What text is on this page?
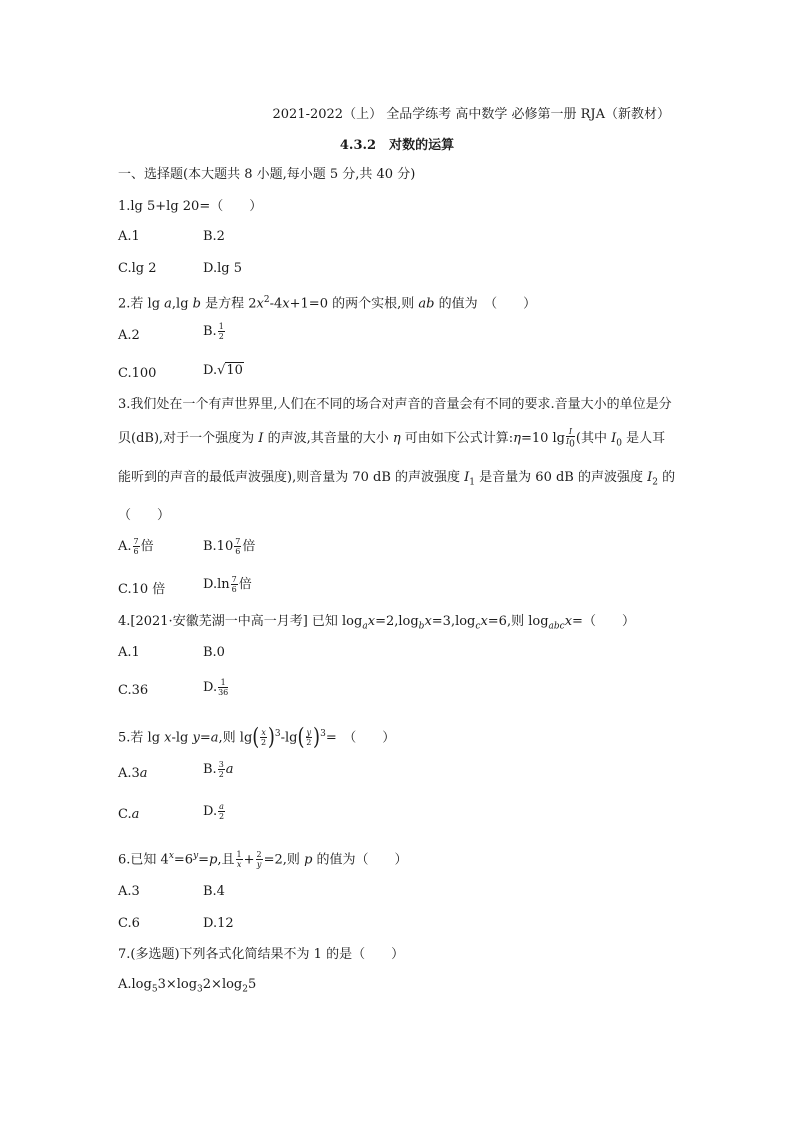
2021-2022（上） 全品学练考 高中数学 必修第一册 RJA（新教材）
4.3.2　对数的运算
一、选择题(本大题共 8 小题,每小题 5 分,共 40 分)
1.lg 5+lg 20=（　　）
A.1	B.2
C.lg 2	D.lg 5
2.若 lg a,lg b 是方程 $2x^2-4x+1=0$ 的两个实根,则 ab 的值为　（　　）
A.2	B. $\frac{1}{2}$
C.100	D.√10
3.我们处在一个有声世界里,人们在不同的场合对声音的音量会有不同的要求.音量大小的单位是分贝(dB),对于一个强度为 I 的声波,其音量的大小 η 可由如下公式计算:η=10 $\lg \frac{I}{I_0}$ (其中 $I_0$ 是人耳能听到的声音的最低声波强度),则音量为 70 dB 的声波强度 $I_1$ 是音量为 60 dB 的声波强度 $I_2$ 的　（　　）
A. $\frac{7}{6}$ 倍	$B.10 \frac{7}{6}$ 倍
C.10 倍	$D.\ln \frac{7}{6}$ 倍
4.[2021·安徽芜湖一中高一月考] 已知 $\log_ax=2,\log_bx=3,\log_cx=6$,则 $\log_{abc}x=$（　　）
A.1	B.0
C.36	D. $\frac{1}{36}$
5.若 lg x-lg y=a,则 $\lg( \frac{x}{2} )^3-\lg( \frac{y}{2} )^3=$　（　　）
A.3a	B. $\frac{3}{2}$ a
C.a	D. $\frac{a}{2}$
6.已知 $4^x=6^y=p$,且 $\frac{1}{x} + \frac{2}{y} =2$,则 p 的值为（　　）
A.3	B.4
C.6	D.12
7.(多选题)下列各式化简结果不为 1 的是（　　）
$A.\log_53\times\log_32\times\log_25$
